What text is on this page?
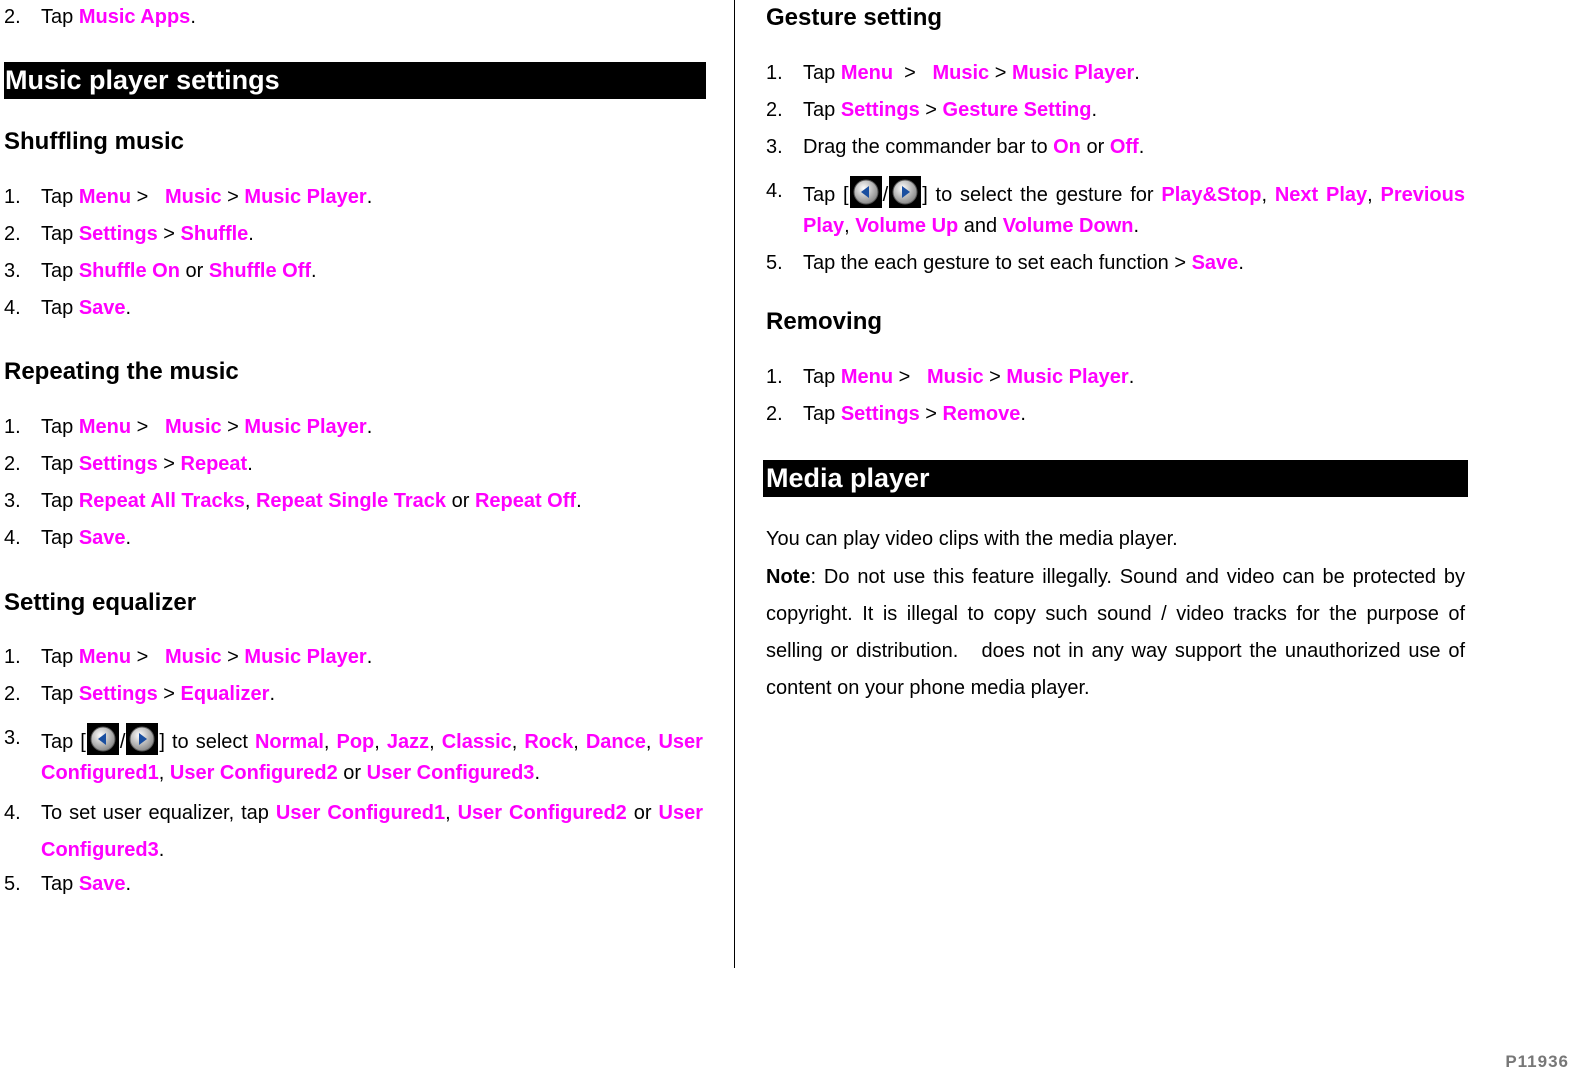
2. Tap Music Apps.
Music player settings
Shuffling music
1. Tap Menu >   Music > Music Player.
2. Tap Settings > Shuffle.
3. Tap Shuffle On or Shuffle Off.
4. Tap Save.
Repeating the music
1. Tap Menu >   Music > Music Player.
2. Tap Settings > Repeat.
3. Tap Repeat All Tracks, Repeat Single Track or Repeat Off.
4. Tap Save.
Setting equalizer
1. Tap Menu >   Music > Music Player.
2. Tap Settings > Equalizer.
3. Tap [ / ] to select Normal, Pop, Jazz, Classic, Rock, Dance, User Configured1, User Configured2 or User Configured3.
4. To set user equalizer, tap User Configured1, User Configured2 or User Configured3.
5. Tap Save.
Gesture setting
1. Tap Menu  >   Music > Music Player.
2. Tap Settings > Gesture Setting.
3. Drag the commander bar to On or Off.
4. Tap [ / ] to select the gesture for Play&Stop, Next Play, Previous Play, Volume Up and Volume Down.
5. Tap the each gesture to set each function > Save.
Removing
1. Tap Menu >   Music > Music Player.
2. Tap Settings > Remove.
Media player
You can play video clips with the media player.
Note: Do not use this feature illegally. Sound and video can be protected by copyright. It is illegal to copy such sound / video tracks for the purpose of selling or distribution.   does not in any way support the unauthorized use of content on your phone media player.
P11936
